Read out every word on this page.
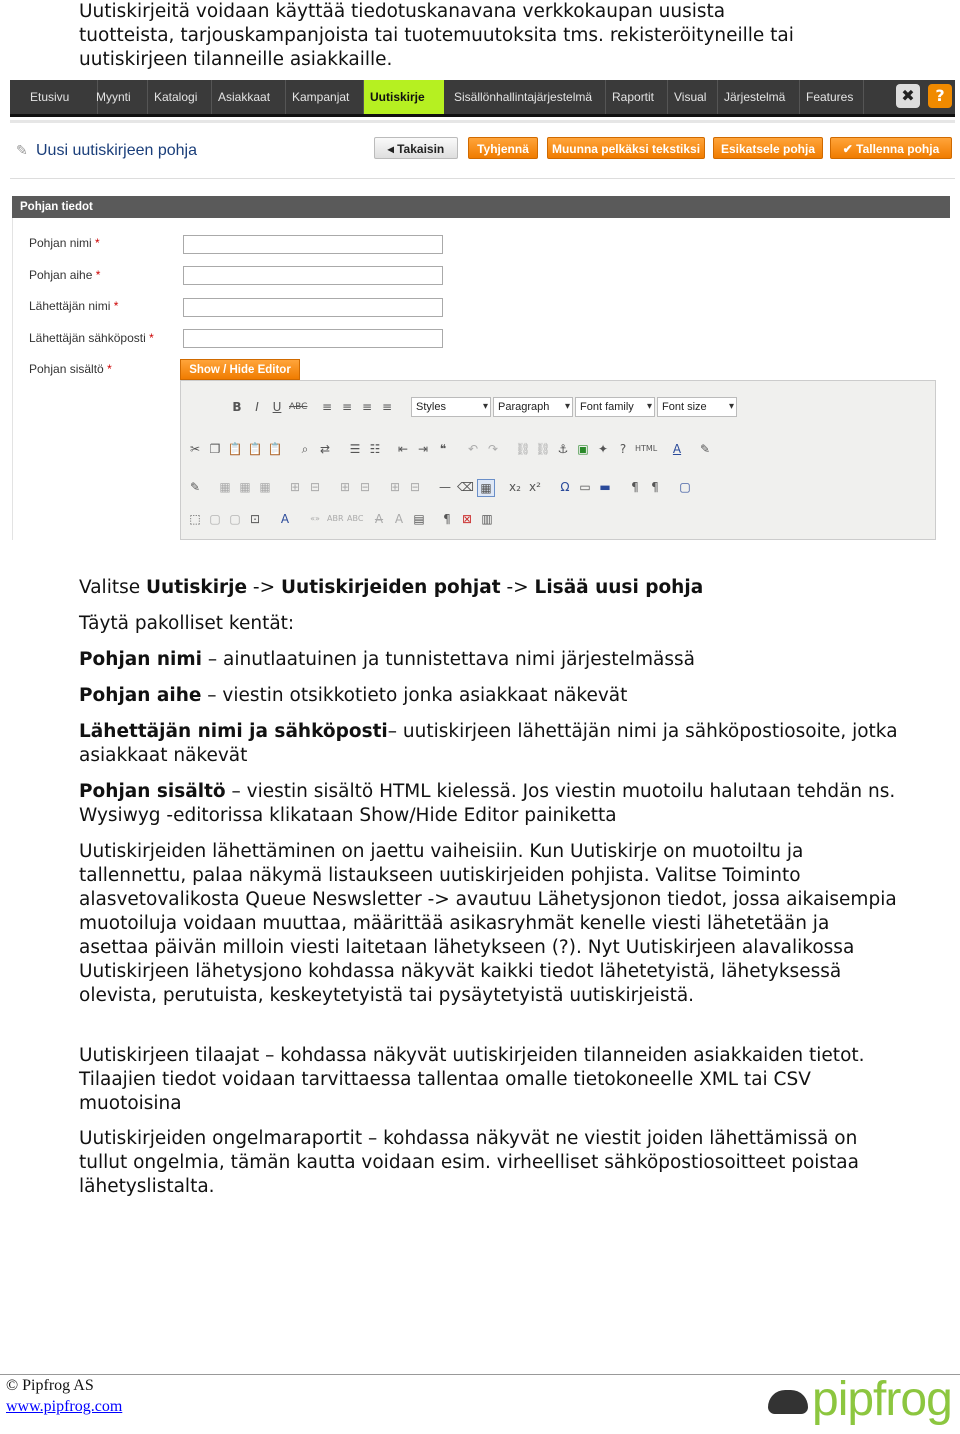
Uutiskirjeitä voidaan käyttää tiedotuskanavana verkkokaupan uusista
tuotteista, tarjouskampanjoista tai tuotemuutoksita tms. rekisteröityneille tai
uutiskirjeen tilanneille asiakkaille.

Etusivu	Myynti	Katalogi	Asiakkaat	Kampanjat	Uutiskirje	Sisällönhallintajärjestelmä	Raportit	Visual	Järjestelmä	Features	✖	?
✎ Uusi uutiskirjeen pohja	◂ Takaisin	Tyhjennä	Muunna pelkäksi tekstiksi	Esikatsele pohja	✔ Tallenna pohja
Pohjan tiedot
Pohjan nimi *
Pohjan aihe *
Lähettäjän nimi *
Lähettäjän sähköposti *
Pohjan sisältö *	Show / Hide Editor
B	I	U ABC ≡ ≡ ≡ ≡	Styles ▾	Paragraph ▾	Font family ▾	Font size ▾
✂ ❐ 📋 📋 📋	⌕ ⇄ ☰ ☷ ⇤ ⇥ ❝	↶ ↷ ⛓ ⛓ ⚓ ▣ ✦ ?	HTML	A	✎
✎ ▦ ▦ ▦ ⊞ ⊟ ⊞ ⊟ ⊞ ⊟ — ⌫ ▦ x₂ x² Ω ▭ ▬	¶	¶	▢
⬚ ▢ ▢ ⊡	A	«» ABR ABC A A ▤	¶ ⊠ ▥

Valitse Uutiskirje -> Uutiskirjeiden pohjat -> Lisää uusi pohja

Täytä pakolliset kentät:

Pohjan nimi – ainutlaatuinen ja tunnistettava nimi järjestelmässä

Pohjan aihe – viestin otsikkotieto jonka asiakkaat näkevät

Lähettäjän nimi ja sähköposti– uutiskirjeen lähettäjän nimi ja sähköpostiosoite, jotka asiakkaat näkevät

Pohjan sisältö – viestin sisältö HTML kielessä. Jos viestin muotoilu halutaan tehdän ns. Wysiwyg -editorissa klikataan Show/Hide Editor painiketta

Uutiskirjeiden lähettäminen on jaettu vaiheisiin. Kun Uutiskirje on muotoiltu ja tallennettu, palaa näkymä listaukseen uutiskirjeiden pohjista. Valitse Toiminto alasvetovalikosta Queue Neswsletter -> avautuu Lähetysjonon tiedot, jossa aikaisempia muotoiluja voidaan muuttaa, määrittää asikasryhmät kenelle viesti lähetetään ja asettaa päivän milloin viesti laitetaan lähetykseen (?). Nyt Uutiskirjeen alavalikossa Uutiskirjeen lähetysjono kohdassa näkyvät kaikki tiedot lähetetyistä, lähetyksessä olevista, perutuista, keskeytetyistä tai pysäytetyistä uutiskirjeistä.

Uutiskirjeen tilaajat – kohdassa näkyvät uutiskirjeiden tilanneiden asiakkaiden tietot. Tilaajien tiedot voidaan tarvittaessa tallentaa omalle tietokoneelle XML tai CSV muotoisina

Uutiskirjeiden ongelmaraportit – kohdassa näkyvät ne viestit joiden lähettämissä on tullut ongelmia, tämän kautta voidaan esim. virheelliset sähköpostiosoitteet poistaa lähetyslistalta.

© Pipfrog AS
www.pipfrog.com	pipfrog
